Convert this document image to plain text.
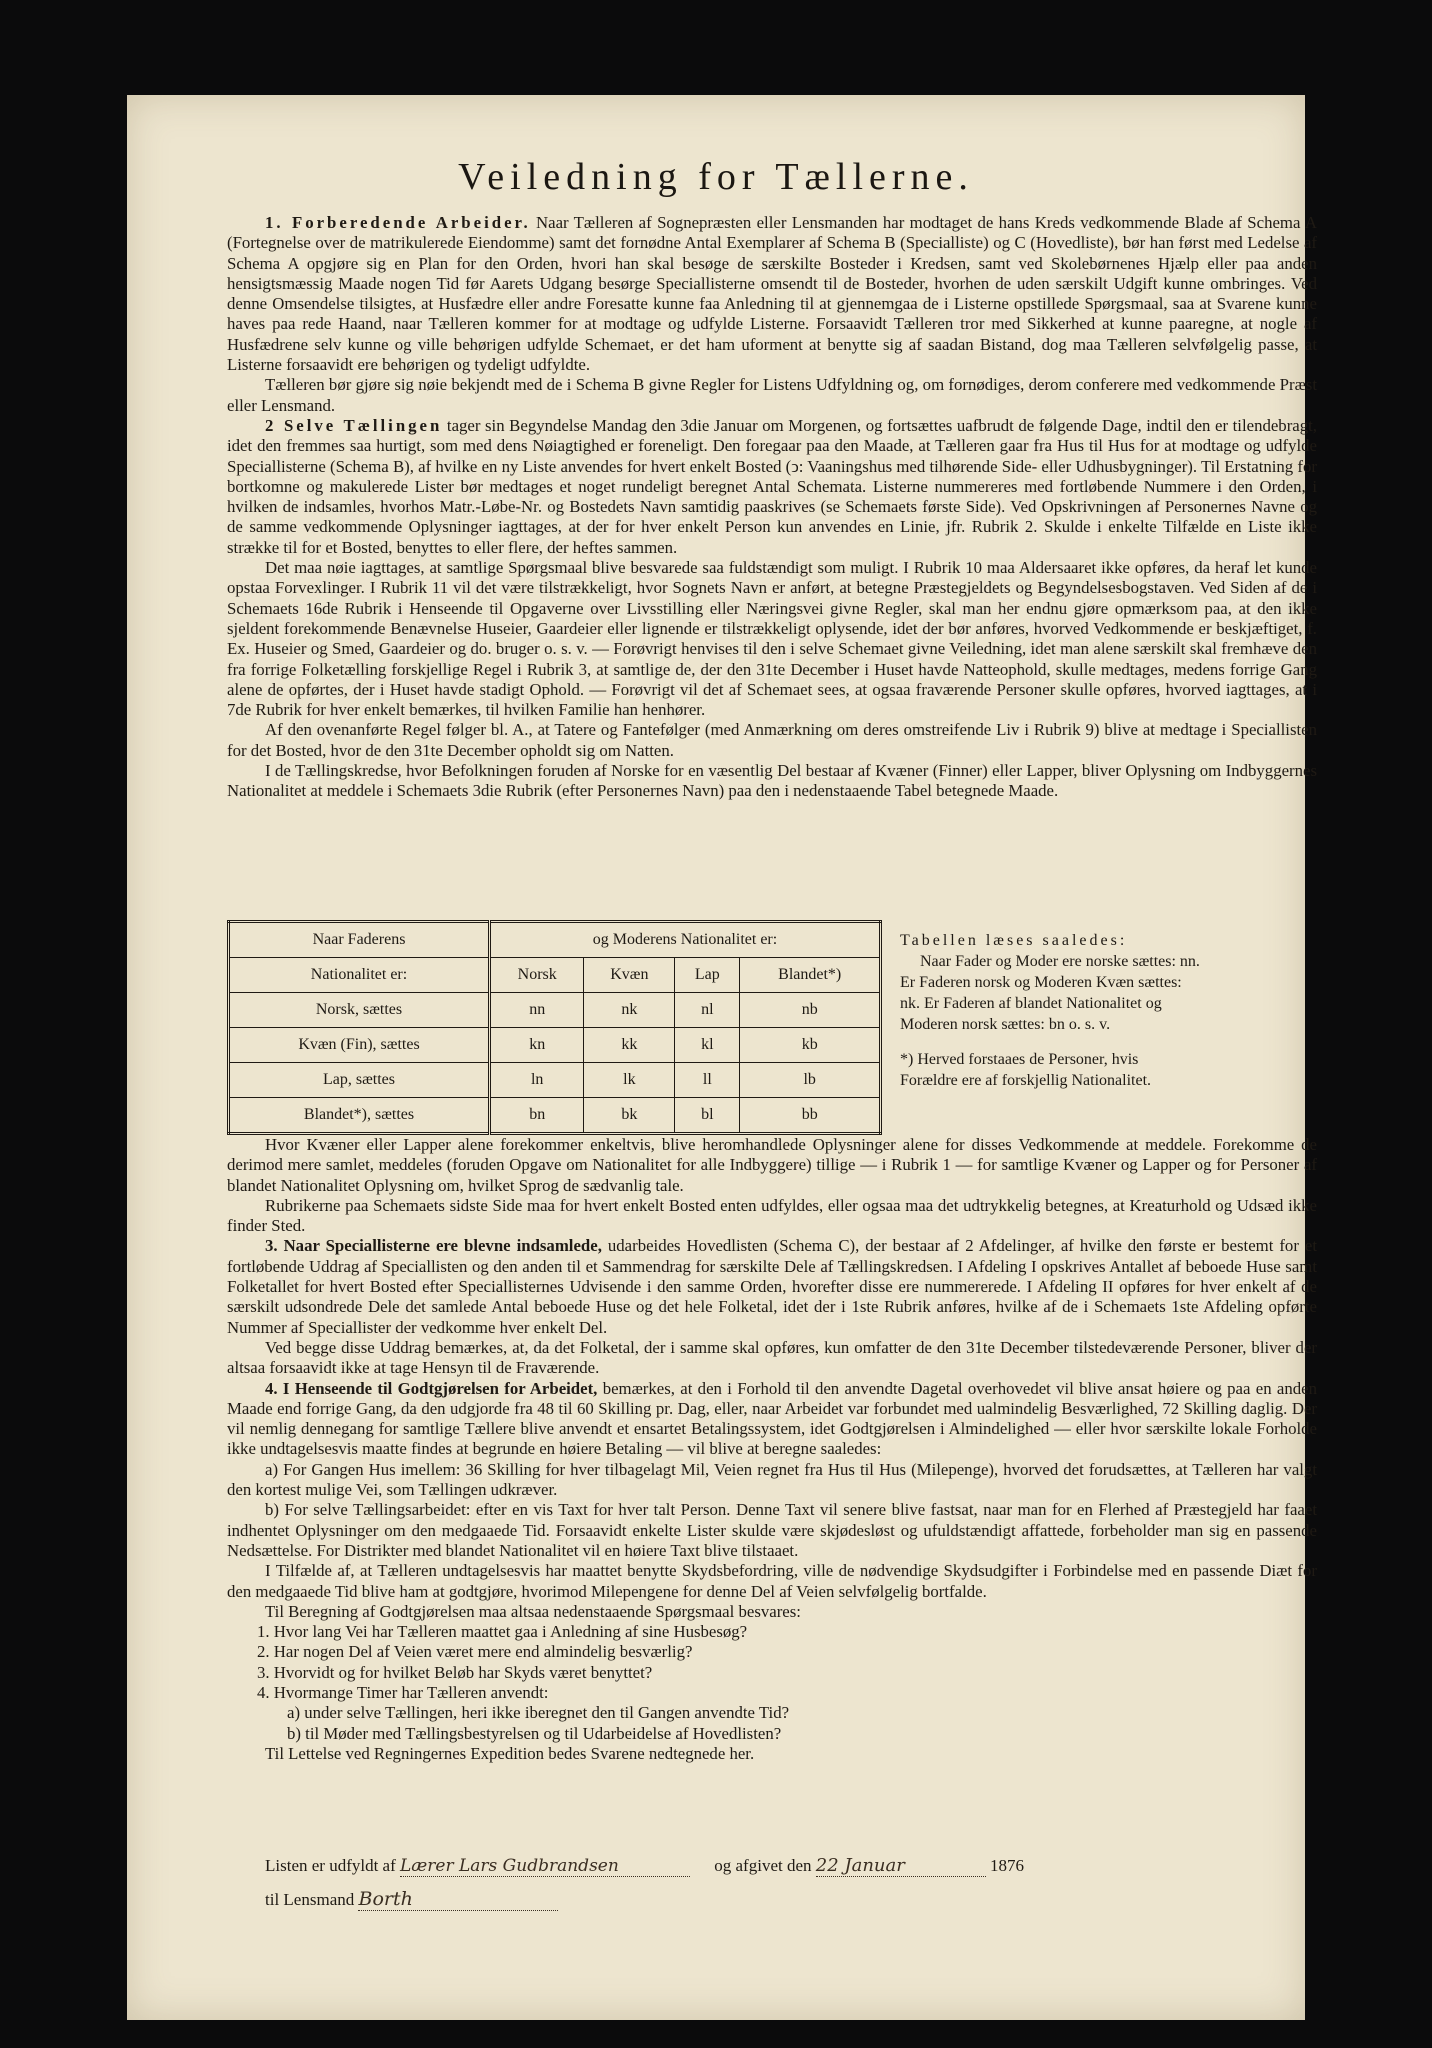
Veiledning for Tællerne.

1. Forberedende Arbeider. Naar Tælleren af Sognepræsten eller Lensmanden har modtaget de hans Kreds vedkommende Blade af Schema A (Fortegnelse over de matrikulerede Eiendomme) samt det fornødne Antal Exemplarer af Schema B (Specialliste) og C (Hovedliste), bør han først med Ledelse af Schema A opgjøre sig en Plan for den Orden, hvori han skal besøge de særskilte Bosteder i Kredsen, samt ved Skolebørnenes Hjælp eller paa anden hensigtsmæssig Maade nogen Tid før Aarets Udgang besørge Speciallisterne omsendt til de Bosteder, hvorhen de uden særskilt Udgift kunne ombringes. Ved denne Omsendelse tilsigtes, at Husfædre eller andre Foresatte kunne faa Anledning til at gjennemgaa de i Listerne opstillede Spørgsmaal, saa at Svarene kunne haves paa rede Haand, naar Tælleren kommer for at modtage og udfylde Listerne. Forsaavidt Tælleren tror med Sikkerhed at kunne paaregne, at nogle af Husfædrene selv kunne og ville behørigen udfylde Schemaet, er det ham uforment at benytte sig af saadan Bistand, dog maa Tælleren selvfølgelig passe, at Listerne forsaavidt ere behørigen og tydeligt udfyldte.

Tælleren bør gjøre sig nøie bekjendt med de i Schema B givne Regler for Listens Udfyldning og, om fornødiges, derom conferere med vedkommende Præst eller Lensmand.

2 Selve Tællingen tager sin Begyndelse Mandag den 3die Januar om Morgenen, og fortsættes uafbrudt de følgende Dage, indtil den er tilendebragt, idet den fremmes saa hurtigt, som med dens Nøiagtighed er foreneligt. Den foregaar paa den Maade, at Tælleren gaar fra Hus til Hus for at modtage og udfylde Speciallisterne (Schema B), af hvilke en ny Liste anvendes for hvert enkelt Bosted (ↄ: Vaaningshus med tilhørende Side- eller Udhusbygninger). Til Erstatning for bortkomne og makulerede Lister bør medtages et noget rundeligt beregnet Antal Schemata. Listerne nummereres med fortløbende Nummere i den Orden, i hvilken de indsamles, hvorhos Matr.-Løbe-Nr. og Bostedets Navn samtidig paaskrives (se Schemaets første Side). Ved Opskrivningen af Personernes Navne og de samme vedkommende Oplysninger iagttages, at der for hver enkelt Person kun anvendes en Linie, jfr. Rubrik 2. Skulde i enkelte Tilfælde en Liste ikke strække til for et Bosted, benyttes to eller flere, der heftes sammen.

Det maa nøie iagttages, at samtlige Spørgsmaal blive besvarede saa fuldstændigt som muligt. I Rubrik 10 maa Aldersaaret ikke opføres, da heraf let kunde opstaa Forvexlinger. I Rubrik 11 vil det være tilstrækkeligt, hvor Sognets Navn er anført, at betegne Præstegjeldets og Begyndelsesbogstaven. Ved Siden af de i Schemaets 16de Rubrik i Henseende til Opgaverne over Livsstilling eller Næringsvei givne Regler, skal man her endnu gjøre opmærksom paa, at den ikke sjeldent forekommende Benævnelse Huseier, Gaardeier eller lignende er tilstrækkeligt oplysende, idet der bør anføres, hvorved Vedkommende er beskjæftiget, f. Ex. Huseier og Smed, Gaardeier og do. bruger o. s. v. — Forøvrigt henvises til den i selve Schemaet givne Veiledning, idet man alene særskilt skal fremhæve den fra forrige Folketælling forskjellige Regel i Rubrik 3, at samtlige de, der den 31te December i Huset havde Natteophold, skulle medtages, medens forrige Gang alene de opførtes, der i Huset havde stadigt Ophold. — Forøvrigt vil det af Schemaet sees, at ogsaa fraværende Personer skulle opføres, hvorved iagttages, at i 7de Rubrik for hver enkelt bemærkes, til hvilken Familie han henhører.

Af den ovenanførte Regel følger bl. A., at Tatere og Fantefølger (med Anmærkning om deres omstreifende Liv i Rubrik 9) blive at medtage i Speciallisten for det Bosted, hvor de den 31te December opholdt sig om Natten.

I de Tællingskredse, hvor Befolkningen foruden af Norske for en væsentlig Del bestaar af Kvæner (Finner) eller Lapper, bliver Oplysning om Indbyggernes Nationalitet at meddele i Schemaets 3die Rubrik (efter Personernes Navn) paa den i nedenstaaende Tabel betegnede Maade.

Naar Faderens	og Moderens Nationalitet er:			
Nationalitet er:	Norsk	Kvæn	Lap	Blandet*)
Norsk, sættes	nn	nk	nl	nb
Kvæn (Fin), sættes	kn	kk	kl	kb
Lap, sættes	ln	lk	ll	lb
Blandet*), sættes	bn	bk	bl	bb

Tabellen læses saaledes:

Naar Fader og Moder ere norske sættes: nn. Er Faderen norsk og Moderen Kvæn sættes: nk. Er Faderen af blandet Nationalitet og Moderen norsk sættes: bn o. s. v.

*) Herved forstaaes de Personer, hvis Forældre ere af forskjellig Nationalitet.

Hvor Kvæner eller Lapper alene forekommer enkeltvis, blive heromhandlede Oplysninger alene for disses Vedkommende at meddele. Forekomme de derimod mere samlet, meddeles (foruden Opgave om Nationalitet for alle Indbyggere) tillige — i Rubrik 1 — for samtlige Kvæner og Lapper og for Personer af blandet Nationalitet Oplysning om, hvilket Sprog de sædvanlig tale.

Rubrikerne paa Schemaets sidste Side maa for hvert enkelt Bosted enten udfyldes, eller ogsaa maa det udtrykkelig betegnes, at Kreaturhold og Udsæd ikke finder Sted.

3. Naar Speciallisterne ere blevne indsamlede, udarbeides Hovedlisten (Schema C), der bestaar af 2 Afdelinger, af hvilke den første er bestemt for et fortløbende Uddrag af Speciallisten og den anden til et Sammendrag for særskilte Dele af Tællingskredsen. I Afdeling I opskrives Antallet af beboede Huse samt Folketallet for hvert Bosted efter Speciallisternes Udvisende i den samme Orden, hvorefter disse ere nummererede. I Afdeling II opføres for hver enkelt af de særskilt udsondrede Dele det samlede Antal beboede Huse og det hele Folketal, idet der i 1ste Rubrik anføres, hvilke af de i Schemaets 1ste Afdeling opførte Nummer af Speciallister der vedkomme hver enkelt Del.

Ved begge disse Uddrag bemærkes, at, da det Folketal, der i samme skal opføres, kun omfatter de den 31te December tilstedeværende Personer, bliver der altsaa forsaavidt ikke at tage Hensyn til de Fraværende.

4. I Henseende til Godtgjørelsen for Arbeidet, bemærkes, at den i Forhold til den anvendte Dagetal overhovedet vil blive ansat høiere og paa en anden Maade end forrige Gang, da den udgjorde fra 48 til 60 Skilling pr. Dag, eller, naar Arbeidet var forbundet med ualmindelig Besværlighed, 72 Skilling daglig. Der vil nemlig dennegang for samtlige Tællere blive anvendt et ensartet Betalingssystem, idet Godtgjørelsen i Almindelighed — eller hvor særskilte lokale Forholde ikke undtagelsesvis maatte findes at begrunde en høiere Betaling — vil blive at beregne saaledes:

a) For Gangen Hus imellem: 36 Skilling for hver tilbagelagt Mil, Veien regnet fra Hus til Hus (Milepenge), hvorved det forudsættes, at Tælleren har valgt den kortest mulige Vei, som Tællingen udkræver.

b) For selve Tællingsarbeidet: efter en vis Taxt for hver talt Person. Denne Taxt vil senere blive fastsat, naar man for en Flerhed af Præstegjeld har faaet indhentet Oplysninger om den medgaaede Tid. Forsaavidt enkelte Lister skulde være skjødesløst og ufuldstændigt affattede, forbeholder man sig en passende Nedsættelse. For Distrikter med blandet Nationalitet vil en høiere Taxt blive tilstaaet.

I Tilfælde af, at Tælleren undtagelsesvis har maattet benytte Skydsbefordring, ville de nødvendige Skydsudgifter i Forbindelse med en passende Diæt for den medgaaede Tid blive ham at godtgjøre, hvorimod Milepengene for denne Del af Veien selvfølgelig bortfalde.

Til Beregning af Godtgjørelsen maa altsaa nedenstaaende Spørgsmaal besvares:

1. Hvor lang Vei har Tælleren maattet gaa i Anledning af sine Husbesøg?
2. Har nogen Del af Veien været mere end almindelig besværlig?
3. Hvorvidt og for hvilket Beløb har Skyds været benyttet?
4. Hvormange Timer har Tælleren anvendt:
a) under selve Tællingen, heri ikke iberegnet den til Gangen anvendte Tid?
b) til Møder med Tællingsbestyrelsen og til Udarbeidelse af Hovedlisten?

Til Lettelse ved Regningernes Expedition bedes Svarene nedtegnede her.

Listen er udfyldt af Lærer Lars Gudbrandsen	og afgivet den 22 Januar	1876
til Lensmand Borth
